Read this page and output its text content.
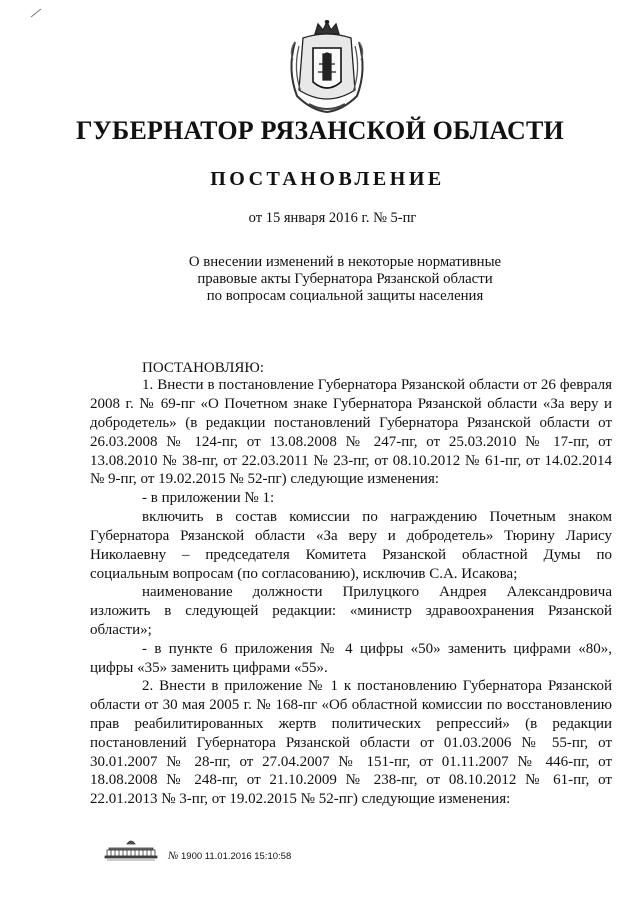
ГУБЕРНАТОР РЯЗАНСКОЙ ОБЛАСТИ
ПОСТАНОВЛЕНИЕ
от 15 января 2016 г. № 5-пг
О внесении изменений в некоторые нормативные
правовые акты Губернатора Рязанской области
по вопросам социальной защиты населения
ПОСТАНОВЛЯЮ:
1. Внести в постановление Губернатора Рязанской области от 26 февраля
2008 г. № 69-пг «О Почетном знаке Губернатора Рязанской области «За веру и
добродетель» (в редакции постановлений Губернатора Рязанской области от
26.03.2008 № 124-пг, от 13.08.2008 № 247-пг, от 25.03.2010 № 17-пг, от
13.08.2010 № 38-пг, от 22.03.2011 № 23-пг, от 08.10.2012 № 61-пг, от 14.02.2014
№ 9-пг, от 19.02.2015 № 52-пг) следующие изменения:
- в приложении № 1:
включить в состав комиссии по награждению Почетным знаком
Губернатора Рязанской области «За веру и добродетель» Тюрину Ларису
Николаевну – председателя Комитета Рязанской областной Думы по
социальным вопросам (по согласованию), исключив С.А. Исакова;
наименование должности Прилуцкого Андрея Александровича
изложить в следующей редакции: «министр здравоохранения Рязанской
области»;
- в пункте 6 приложения № 4 цифры «50» заменить цифрами «80»,
цифры «35» заменить цифрами «55».
2. Внести в приложение № 1 к постановлению Губернатора Рязанской
области от 30 мая 2005 г. № 168-пг «Об областной комиссии по восстановлению
прав реабилитированных жертв политических репрессий» (в редакции
постановлений Губернатора Рязанской области от 01.03.2006 № 55-пг, от
30.01.2007 № 28-пг, от 27.04.2007 № 151-пг, от 01.11.2007 № 446-пг, от
18.08.2008 № 248-пг, от 21.10.2009 № 238-пг, от 08.10.2012 № 61-пг, от
22.01.2013 № 3-пг, от 19.02.2015 № 52-пг) следующие изменения:
№ 1900 11.01.2016 15:10:58
